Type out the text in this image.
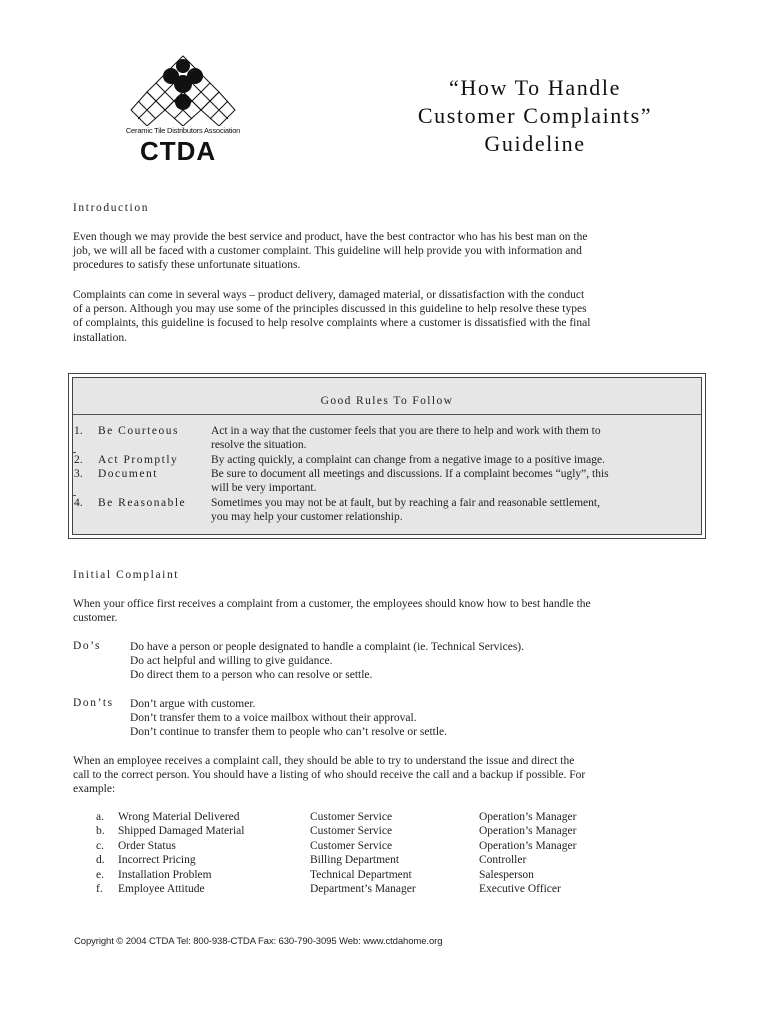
Ceramic Tile Distributors Association
CTDA
“How To Handle
Customer Complaints”
Guideline
Introduction
Even though we may provide the best service and product, have the best contractor who has his best man on the
job, we will all be faced with a customer complaint. This guideline will help provide you with information and
procedures to satisfy these unfortunate situations.
Complaints can come in several ways – product delivery, damaged material, or dissatisfaction with the conduct
of a person. Although you may use some of the principles discussed in this guideline to help resolve these types
of complaints, this guideline is focused to help resolve complaints where a customer is dissatisfied with the final
installation.
Good Rules To Follow
1.	Be Courteous	Act in a way that the customer feels that you are there to help and work with them to
resolve the situation.
2.	Act Promptly	By acting quickly, a complaint can change from a negative image to a positive image.
3.	Document	Be sure to document all meetings and discussions. If a complaint becomes “ugly”, this
will be very important.
4.	Be Reasonable	Sometimes you may not be at fault, but by reaching a fair and reasonable settlement,
you may help your customer relationship.
Initial Complaint
When your office first receives a complaint from a customer, the employees should know how to best handle the
customer.
Do’s	Do have a person or people designated to handle a complaint (ie. Technical Services).
Do act helpful and willing to give guidance.
Do direct them to a person who can resolve or settle.
Don’ts Don’t argue with customer.
Don’t transfer them to a voice mailbox without their approval.
Don’t continue to transfer them to people who can’t resolve or settle.
When an employee receives a complaint call, they should be able to try to understand the issue and direct the
call to the correct person. You should have a listing of who should receive the call and a backup if possible. For
example:
a. Wrong Material Delivered	Customer Service	Operation’s Manager
b. Shipped Damaged Material	Customer Service	Operation’s Manager
c. Order Status	Customer Service	Operation’s Manager
d. Incorrect Pricing	Billing Department	Controller
e. Installation Problem	Technical Department	Salesperson
f. Employee Attitude	Department’s Manager	Executive Officer
Copyright © 2004 CTDA Tel: 800-938-CTDA Fax: 630-790-3095 Web: www.ctdahome.org
